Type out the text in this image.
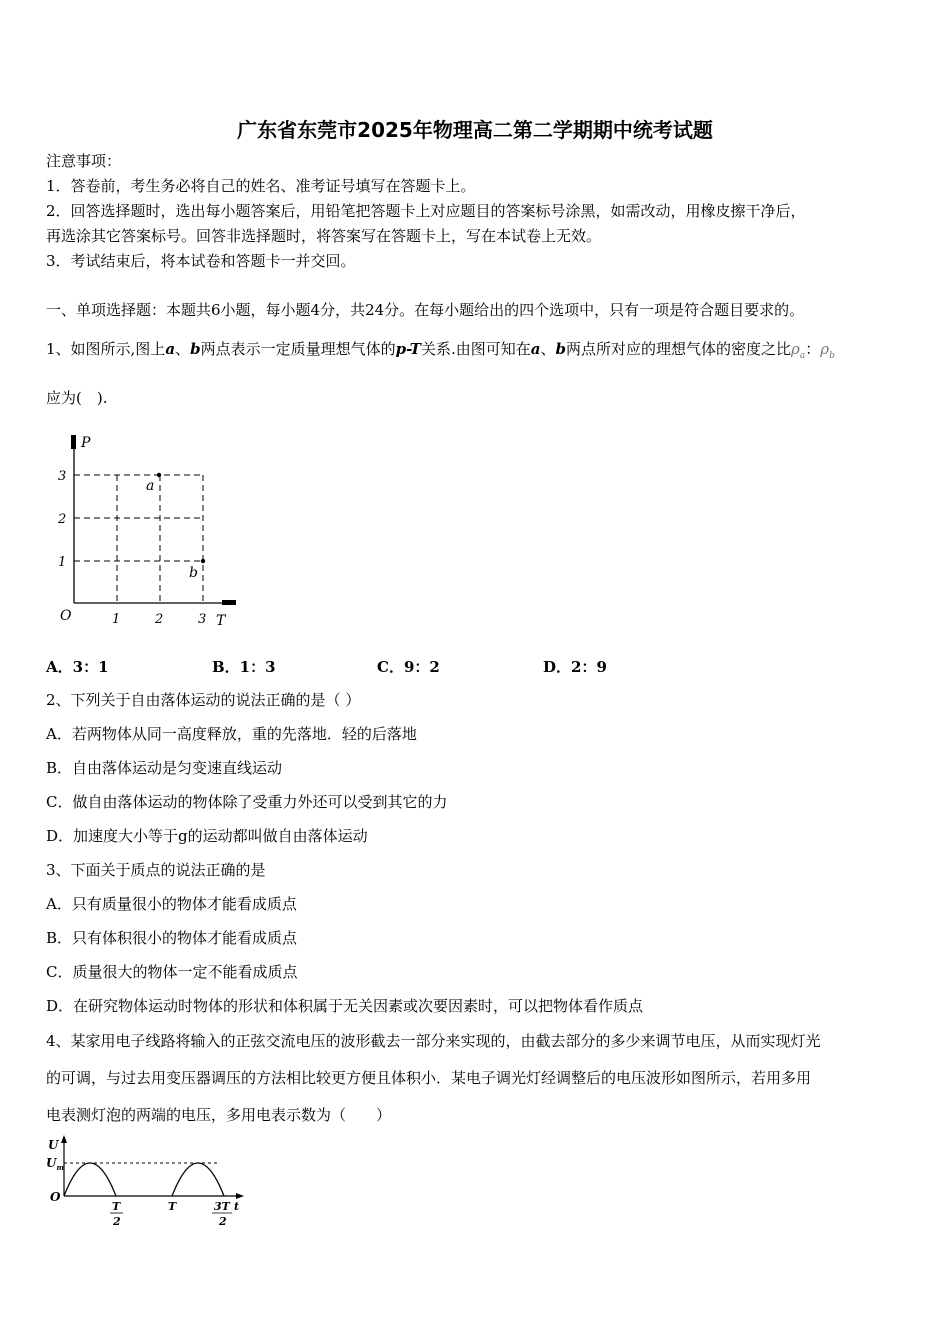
广东省东莞市2025年物理高二第二学期期中统考试题
注意事项：
1．答卷前，考生务必将自己的姓名、准考证号填写在答题卡上。
2．回答选择题时，选出每小题答案后，用铅笔把答题卡上对应题目的答案标号涂黑，如需改动，用橡皮擦干净后，
再选涂其它答案标号。回答非选择题时，将答案写在答题卡上，写在本试卷上无效。
3．考试结束后，将本试卷和答题卡一并交回。
一、单项选择题：本题共6小题，每小题4分，共24分。在每小题给出的四个选项中，只有一项是符合题目要求的。
1、如图所示,图上a、b两点表示一定质量理想气体的p-T关系.由图可知在a、b两点所对应的理想气体的密度之比$\rho_a$：$\rho_b$
应为(　).
P
T
O
3
2
1
1	2	3
a
b
A．3：1	B．1：3	C．9：2	D．2：9
2、下列关于自由落体运动的说法正确的是（ ）
A．若两物体从同一高度释放，重的先落地．轻的后落地
B．自由落体运动是匀变速直线运动
C．做自由落体运动的物体除了受重力外还可以受到其它的力
D．加速度大小等于g的运动都叫做自由落体运动
3、下面关于质点的说法正确的是
A．只有质量很小的物体才能看成质点
B．只有体积很小的物体才能看成质点
C．质量很大的物体一定不能看成质点
D．在研究物体运动时物体的形状和体积属于无关因素或次要因素时，可以把物体看作质点
4、某家用电子线路将输入的正弦交流电压的波形截去一部分来实现的，由截去部分的多少来调节电压，从而实现灯光
的可调，与过去用变压器调压的方法相比较更方便且体积小．某电子调光灯经调整后的电压波形如图所示，若用多用
电表测灯泡的两端的电压，多用电表示数为（　　）
U
$U_m$
O
T
2
T	3T
2
t
